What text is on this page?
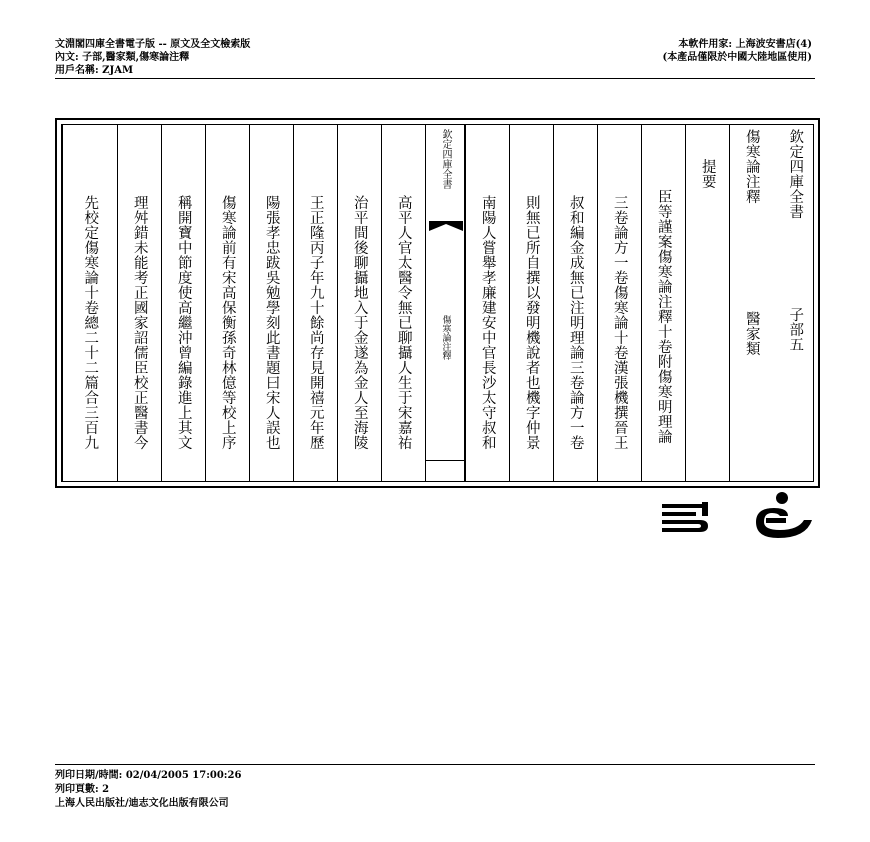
文淵閣四庫全書電子版 -- 原文及全文檢索版
內文: 子部,醫家類,傷寒論注釋
用戶名稱: ZJAM
本軟件用家: 上海波安書店(4)
(本產品僅限於中國大陸地區使用)
欽定四庫全書
子部五
傷寒論注釋
醫家類
提要
臣等謹案傷寒論注釋十卷附傷寒明理論
三卷論方一卷傷寒論十卷漢張機撰晉王
叔和編金成無已注明理論三卷論方一卷
則無已所自撰以發明機說者也機字仲景
南陽人嘗舉孝廉建安中官長沙太守叔和
欽定四庫全書
傷寒論注釋
高平人官太醫令無已聊攝人生于宋嘉祐
治平間後聊攝地入于金遂為金人至海陵
王正隆丙子年九十餘尚存見開禧元年歷
陽張孝忠跋吳勉學刻此書題曰宋人誤也
傷寒論前有宋高保衡孫奇林億等校上序
稱開寶中節度使高繼沖曾編錄進上其文
理舛錯未能考正國家詔儒臣校正醫書今
先校定傷寒論十卷總二十二篇合三百九
列印日期/時間: 02/04/2005 17:00:26
列印頁數: 2
上海人民出版社/迪志文化出版有限公司
